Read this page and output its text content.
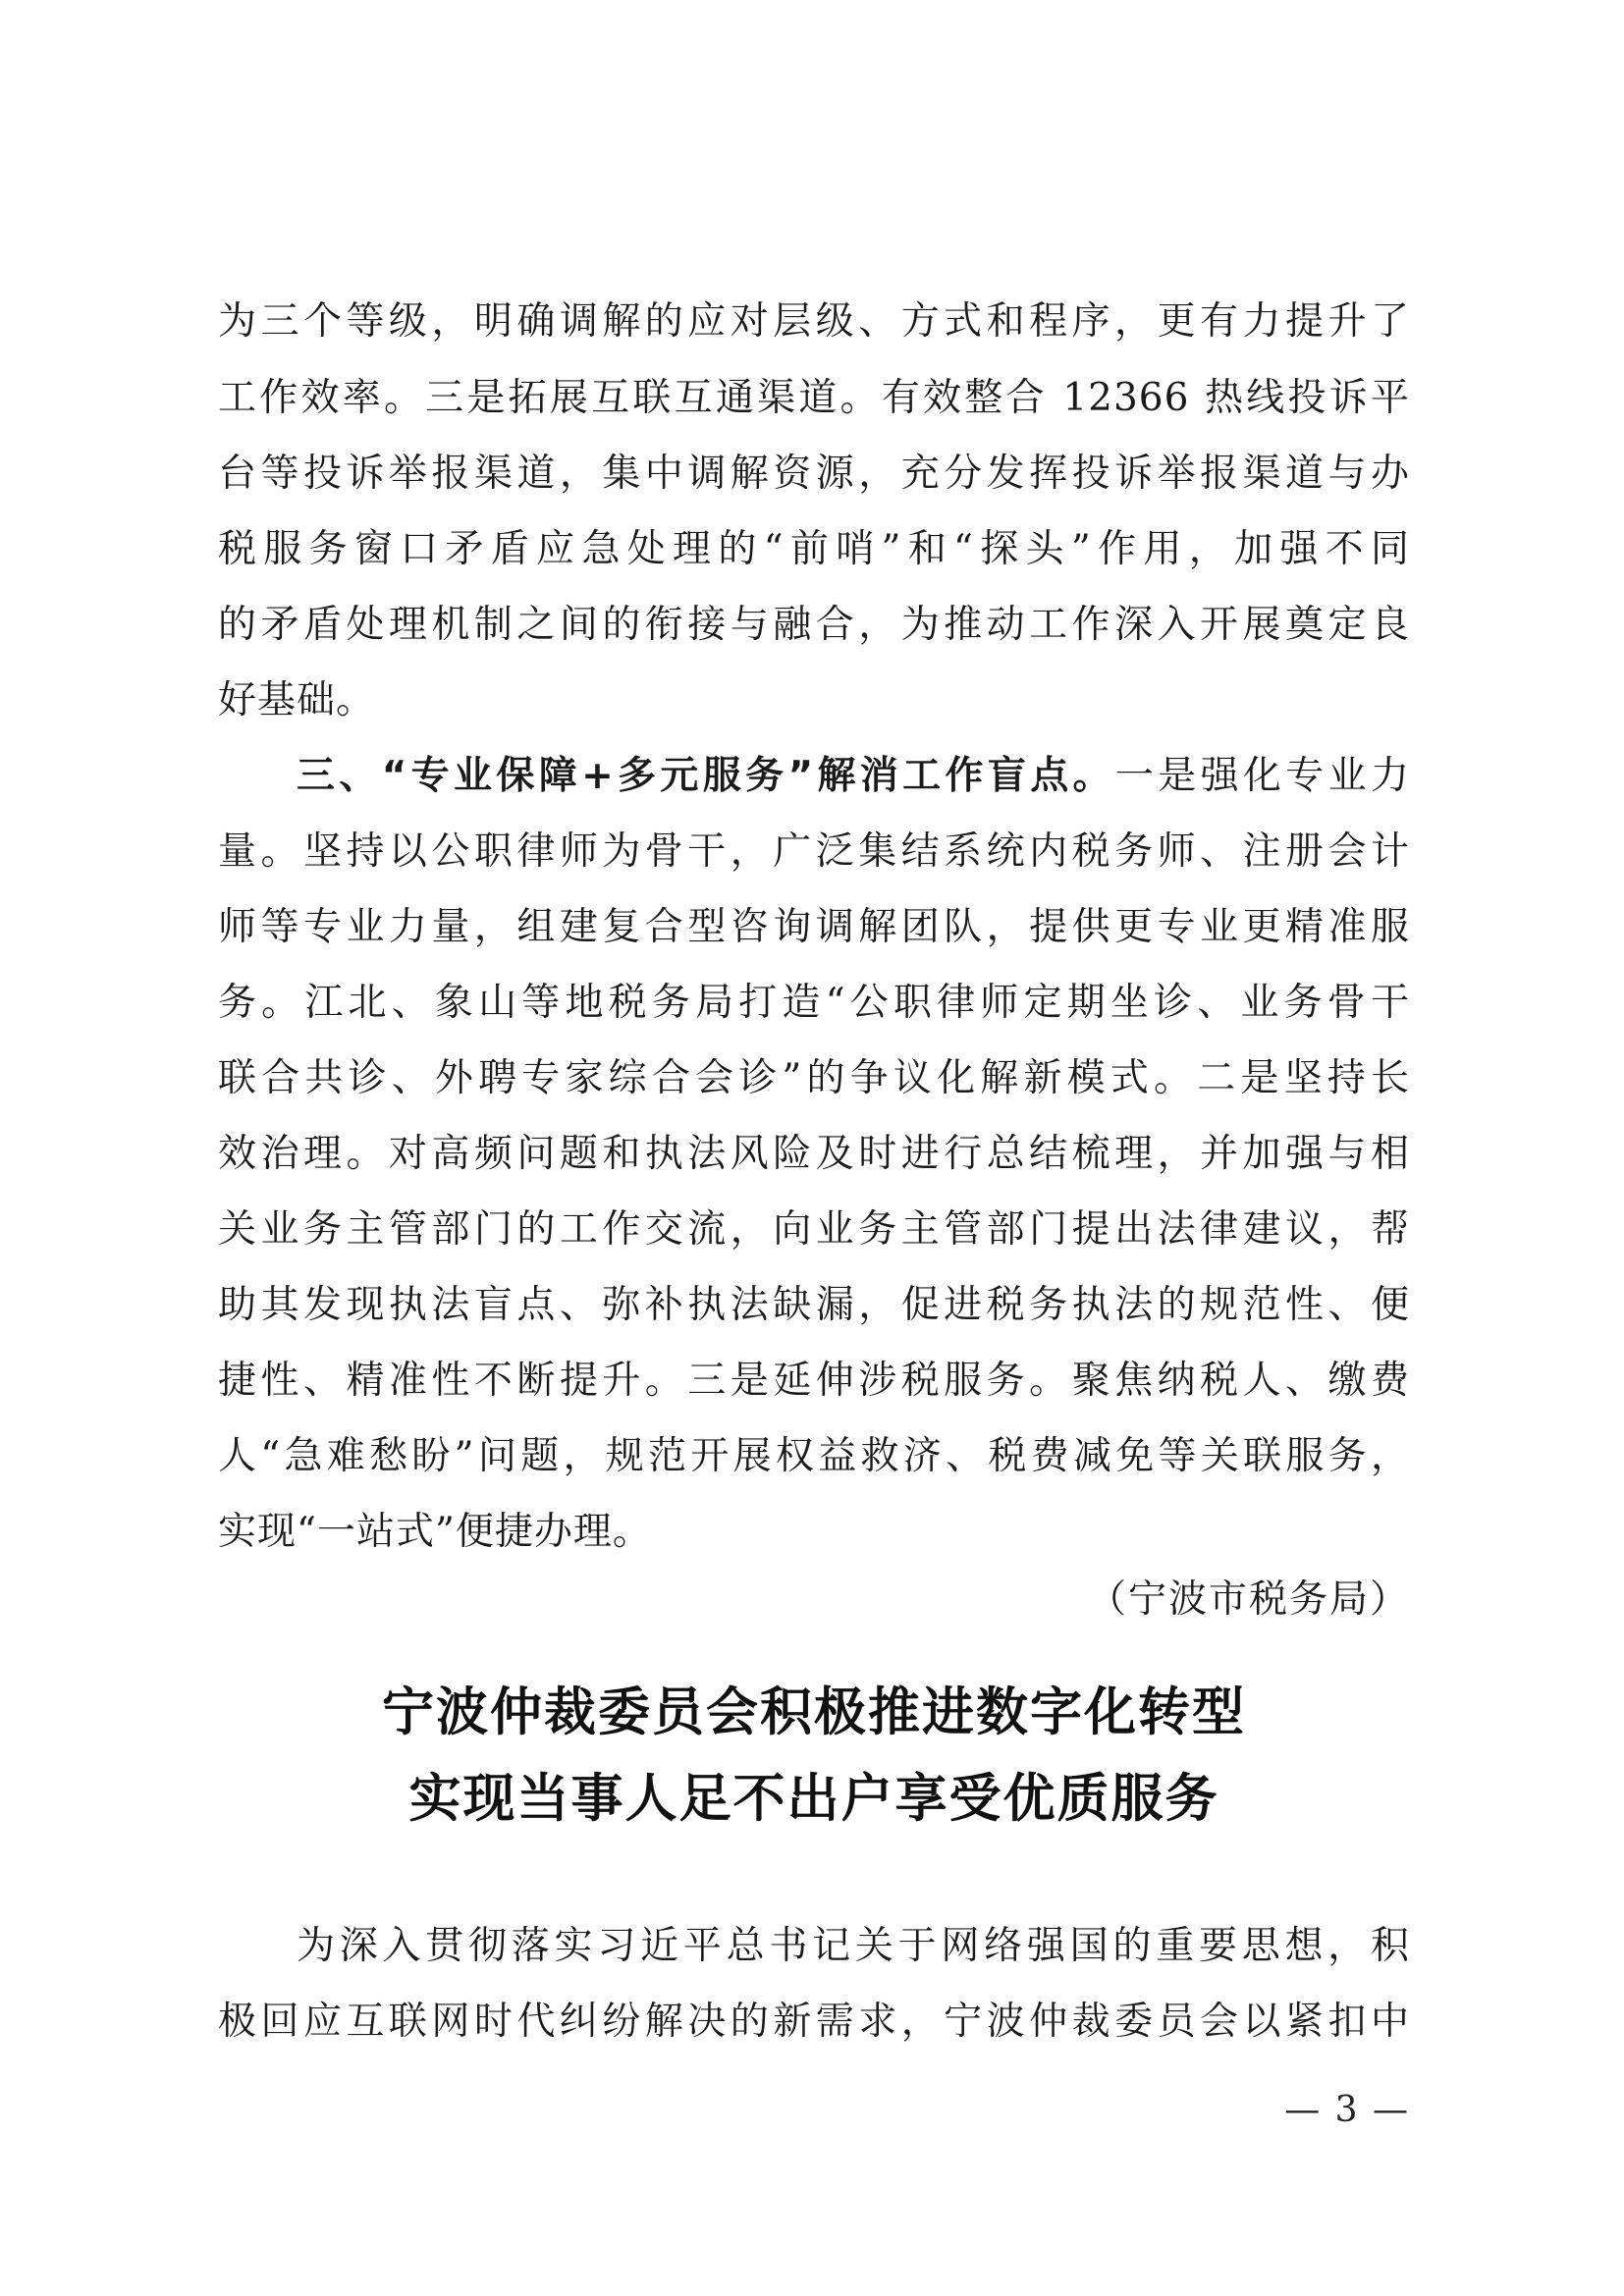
为三个等级，明确调解的应对层级、方式和程序，更有力提升了
工作效率。三是拓展互联互通渠道。有效整合 12366 热线投诉平
台等投诉举报渠道，集中调解资源，充分发挥投诉举报渠道与办
税服务窗口矛盾应急处理的“前哨”和“探头”作用，加强不同
的矛盾处理机制之间的衔接与融合，为推动工作深入开展奠定良
好基础。
三、“专业保障+多元服务”解消工作盲点。一是强化专业力
量。坚持以公职律师为骨干，广泛集结系统内税务师、注册会计
师等专业力量，组建复合型咨询调解团队，提供更专业更精准服
务。江北、象山等地税务局打造“公职律师定期坐诊、业务骨干
联合共诊、外聘专家综合会诊”的争议化解新模式。二是坚持长
效治理。对高频问题和执法风险及时进行总结梳理，并加强与相
关业务主管部门的工作交流，向业务主管部门提出法律建议，帮
助其发现执法盲点、弥补执法缺漏，促进税务执法的规范性、便
捷性、精准性不断提升。三是延伸涉税服务。聚焦纳税人、缴费
人“急难愁盼”问题，规范开展权益救济、税费减免等关联服务，
实现“一站式”便捷办理。
（宁波市税务局）
宁波仲裁委员会积极推进数字化转型
实现当事人足不出户享受优质服务
为深入贯彻落实习近平总书记关于网络强国的重要思想，积
极回应互联网时代纠纷解决的新需求，宁波仲裁委员会以紧扣中
— 3 —
